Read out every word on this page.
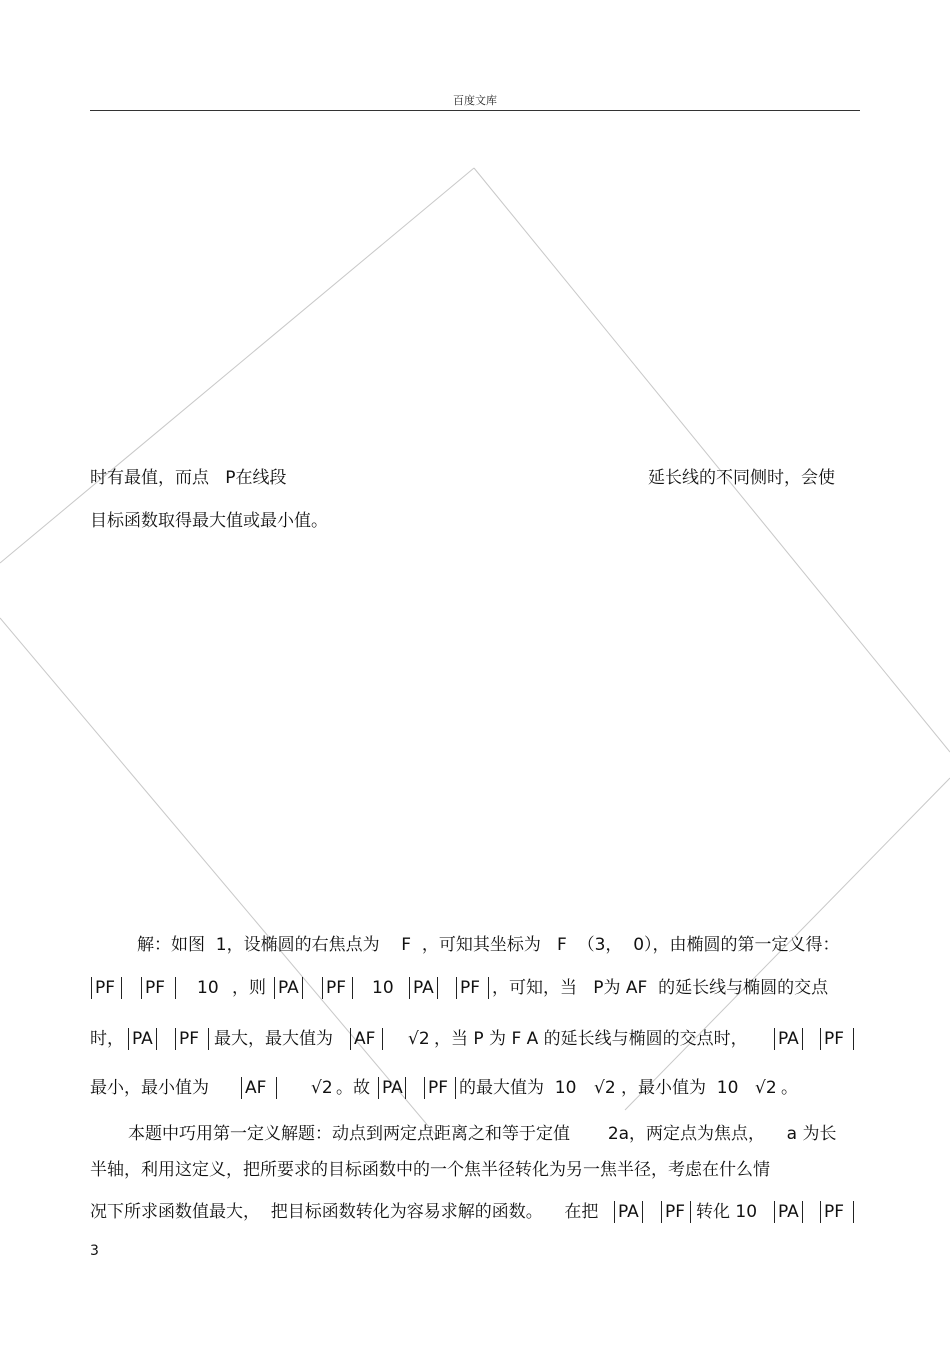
百度文库
时有最值，而点   P在线段	延长线的不同侧时，会使
目标函数取得最大值或最小值。
解：如图  1，设椭圆的右焦点为    F  ，可知其坐标为   F  （3，  0），由椭圆的第一定义得：
PF PF 10 ，则 PA PF 10 PA PF ，可知，当   P为 AF  的延长线与椭圆的交点
时， PA PF 最大，最大值为 AF √2 ，当 P 为 F A 的延长线与椭圆的交点时， PA PF
最小，最小值为 AF	√2 。故 PA PF 的最大值为  10 √2 ，最小值为  10 √2 。
本题中巧用第一定义解题：动点到两定点距离之和等于定值       2a，两定点为焦点，    a 为长
半轴，利用这定义，把所要求的目标函数中的一个焦半径转化为另一焦半径，考虑在什么情
况下所求函数值最大，  把目标函数转化为容易求解的函数。    在把 PA PF 转化 10 PA PF
3
